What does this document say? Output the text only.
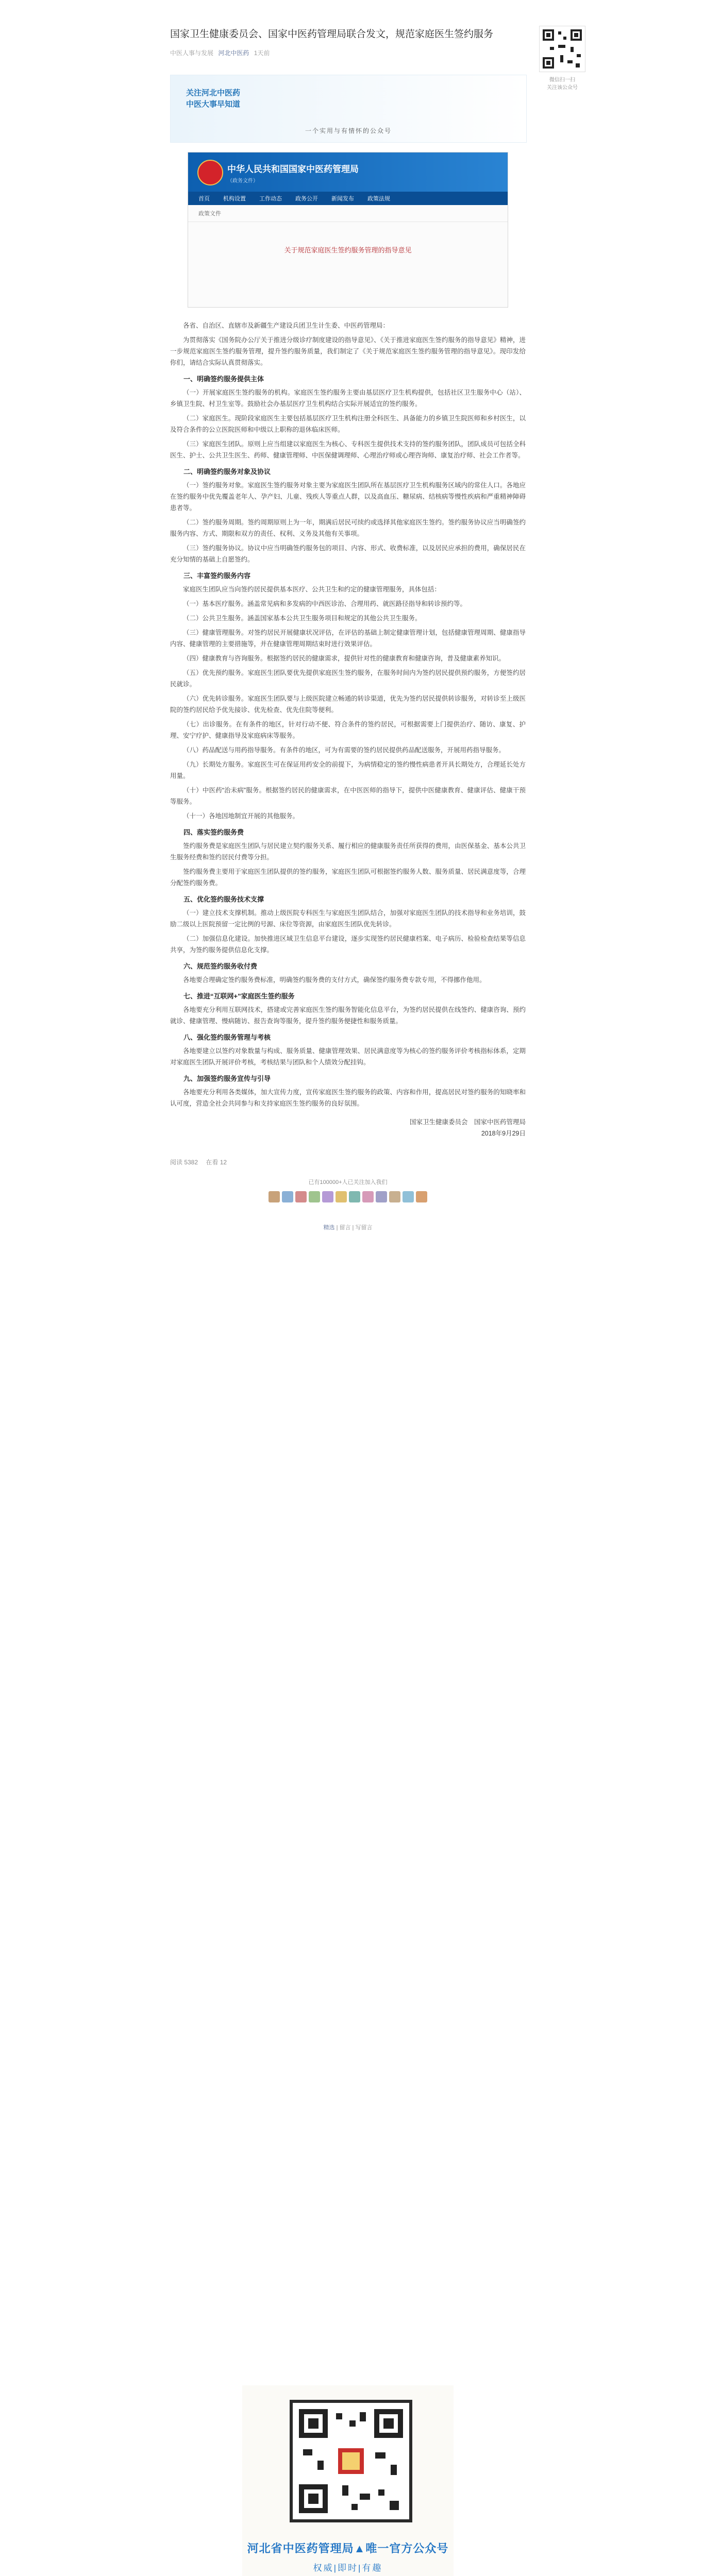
国家卫生健康委员会、国家中医药管理局联合发文，规范家庭医生签约服务
中医人事与发展 河北中医药 1天前
关注河北中医药
中医大事早知道
一个实用与有情怀的公众号
中华人民共和国国家中医药管理局
（政务文件）
首页 机构设置 工作动态 政务公开 新闻发布 政策法规
政策文件
关于规范家庭医生签约服务管理的指导意见

各省、自治区、直辖市及新疆生产建设兵团卫生计生委、中医药管理局：

为贯彻落实《国务院办公厅关于推进分级诊疗制度建设的指导意见》、《关于推进家庭医生签约服务的指导意见》精神，进一步规范家庭医生签约服务管理，提升签约服务质量，我们制定了《关于规范家庭医生签约服务管理的指导意见》。现印发给你们，请结合实际认真贯彻落实。

一、明确签约服务提供主体

（一）开展家庭医生签约服务的机构。家庭医生签约服务主要由基层医疗卫生机构提供，包括社区卫生服务中心（站）、乡镇卫生院、村卫生室等。鼓励社会办基层医疗卫生机构结合实际开展适宜的签约服务。

（二）家庭医生。现阶段家庭医生主要包括基层医疗卫生机构注册全科医生、具备能力的乡镇卫生院医师和乡村医生，以及符合条件的公立医院医师和中级以上职称的退休临床医师。

（三）家庭医生团队。原则上应当组建以家庭医生为核心、专科医生提供技术支持的签约服务团队，团队成员可包括全科医生、护士、公共卫生医生、药师、健康管理师、中医保健调理师、心理治疗师或心理咨询师、康复治疗师、社会工作者等。

二、明确签约服务对象及协议

（一）签约服务对象。家庭医生签约服务对象主要为家庭医生团队所在基层医疗卫生机构服务区域内的常住人口。各地应在签约服务中优先覆盖老年人、孕产妇、儿童、残疾人等重点人群，以及高血压、糖尿病、结核病等慢性疾病和严重精神障碍患者等。

（二）签约服务周期。签约周期原则上为一年，期满后居民可续约或选择其他家庭医生签约。签约服务协议应当明确签约服务内容、方式、期限和双方的责任、权利、义务及其他有关事项。

（三）签约服务协议。协议中应当明确签约服务包的项目、内容、形式、收费标准，以及居民应承担的费用，确保居民在充分知情的基础上自愿签约。

三、丰富签约服务内容

家庭医生团队应当向签约居民提供基本医疗、公共卫生和约定的健康管理服务，具体包括：

（一）基本医疗服务。涵盖常见病和多发病的中西医诊治、合理用药、就医路径指导和转诊预约等。

（二）公共卫生服务。涵盖国家基本公共卫生服务项目和规定的其他公共卫生服务。

（三）健康管理服务。对签约居民开展健康状况评估，在评估的基础上制定健康管理计划，包括健康管理周期、健康指导内容、健康管理的主要措施等，并在健康管理周期结束时进行效果评估。

（四）健康教育与咨询服务。根据签约居民的健康需求，提供针对性的健康教育和健康咨询，普及健康素养知识。

（五）优先预约服务。家庭医生团队要优先提供家庭医生签约服务，在服务时间内为签约居民提供预约服务，方便签约居民就诊。

（六）优先转诊服务。家庭医生团队要与上级医院建立畅通的转诊渠道，优先为签约居民提供转诊服务，对转诊至上级医院的签约居民给予优先接诊、优先检查、优先住院等便利。

（七）出诊服务。在有条件的地区，针对行动不便、符合条件的签约居民，可根据需要上门提供治疗、随访、康复、护理、安宁疗护、健康指导及家庭病床等服务。

（八）药品配送与用药指导服务。有条件的地区，可为有需要的签约居民提供药品配送服务，开展用药指导服务。

（九）长期处方服务。家庭医生可在保证用药安全的前提下，为病情稳定的签约慢性病患者开具长期处方，合理延长处方用量。

（十）中医药“治未病”服务。根据签约居民的健康需求，在中医医师的指导下，提供中医健康教育、健康评估、健康干预等服务。

（十一）各地因地制宜开展的其他服务。

四、落实签约服务费

签约服务费是家庭医生团队与居民建立契约服务关系、履行相应的健康服务责任所获得的费用，由医保基金、基本公共卫生服务经费和签约居民付费等分担。

签约服务费主要用于家庭医生团队提供的签约服务，家庭医生团队可根据签约服务人数、服务质量、居民满意度等，合理分配签约服务费。

五、优化签约服务技术支撑

（一）建立技术支撑机制。推动上级医院专科医生与家庭医生团队结合，加强对家庭医生团队的技术指导和业务培训，鼓励二级以上医院预留一定比例的号源、床位等资源，由家庭医生团队优先转诊。

（二）加强信息化建设。加快推进区域卫生信息平台建设，逐步实现签约居民健康档案、电子病历、检验检查结果等信息共享，为签约服务提供信息化支撑。

六、规范签约服务收付费

各地要合理确定签约服务费标准，明确签约服务费的支付方式，确保签约服务费专款专用，不得挪作他用。

七、推进“互联网+”家庭医生签约服务

各地要充分利用互联网技术，搭建或完善家庭医生签约服务智能化信息平台，为签约居民提供在线签约、健康咨询、预约就诊、健康管理、慢病随访、报告查询等服务，提升签约服务便捷性和服务质量。

八、强化签约服务管理与考核

各地要建立以签约对象数量与构成、服务质量、健康管理效果、居民满意度等为核心的签约服务评价考核指标体系，定期对家庭医生团队开展评价考核，考核结果与团队和个人绩效分配挂钩。

九、加强签约服务宣传与引导

各地要充分利用各类媒体，加大宣传力度，宣传家庭医生签约服务的政策、内容和作用，提高居民对签约服务的知晓率和认可度，营造全社会共同参与和支持家庭医生签约服务的良好氛围。

国家卫生健康委员会　国家中医药管理局
2018年9月29日
阅读 5382 在看 12
已有100000+人已关注加入我们
精选 | 留言 | 写留言
微信扫一扫
关注该公众号
河北省中医药管理局▲唯一官方公众号
权威|即时|有趣
